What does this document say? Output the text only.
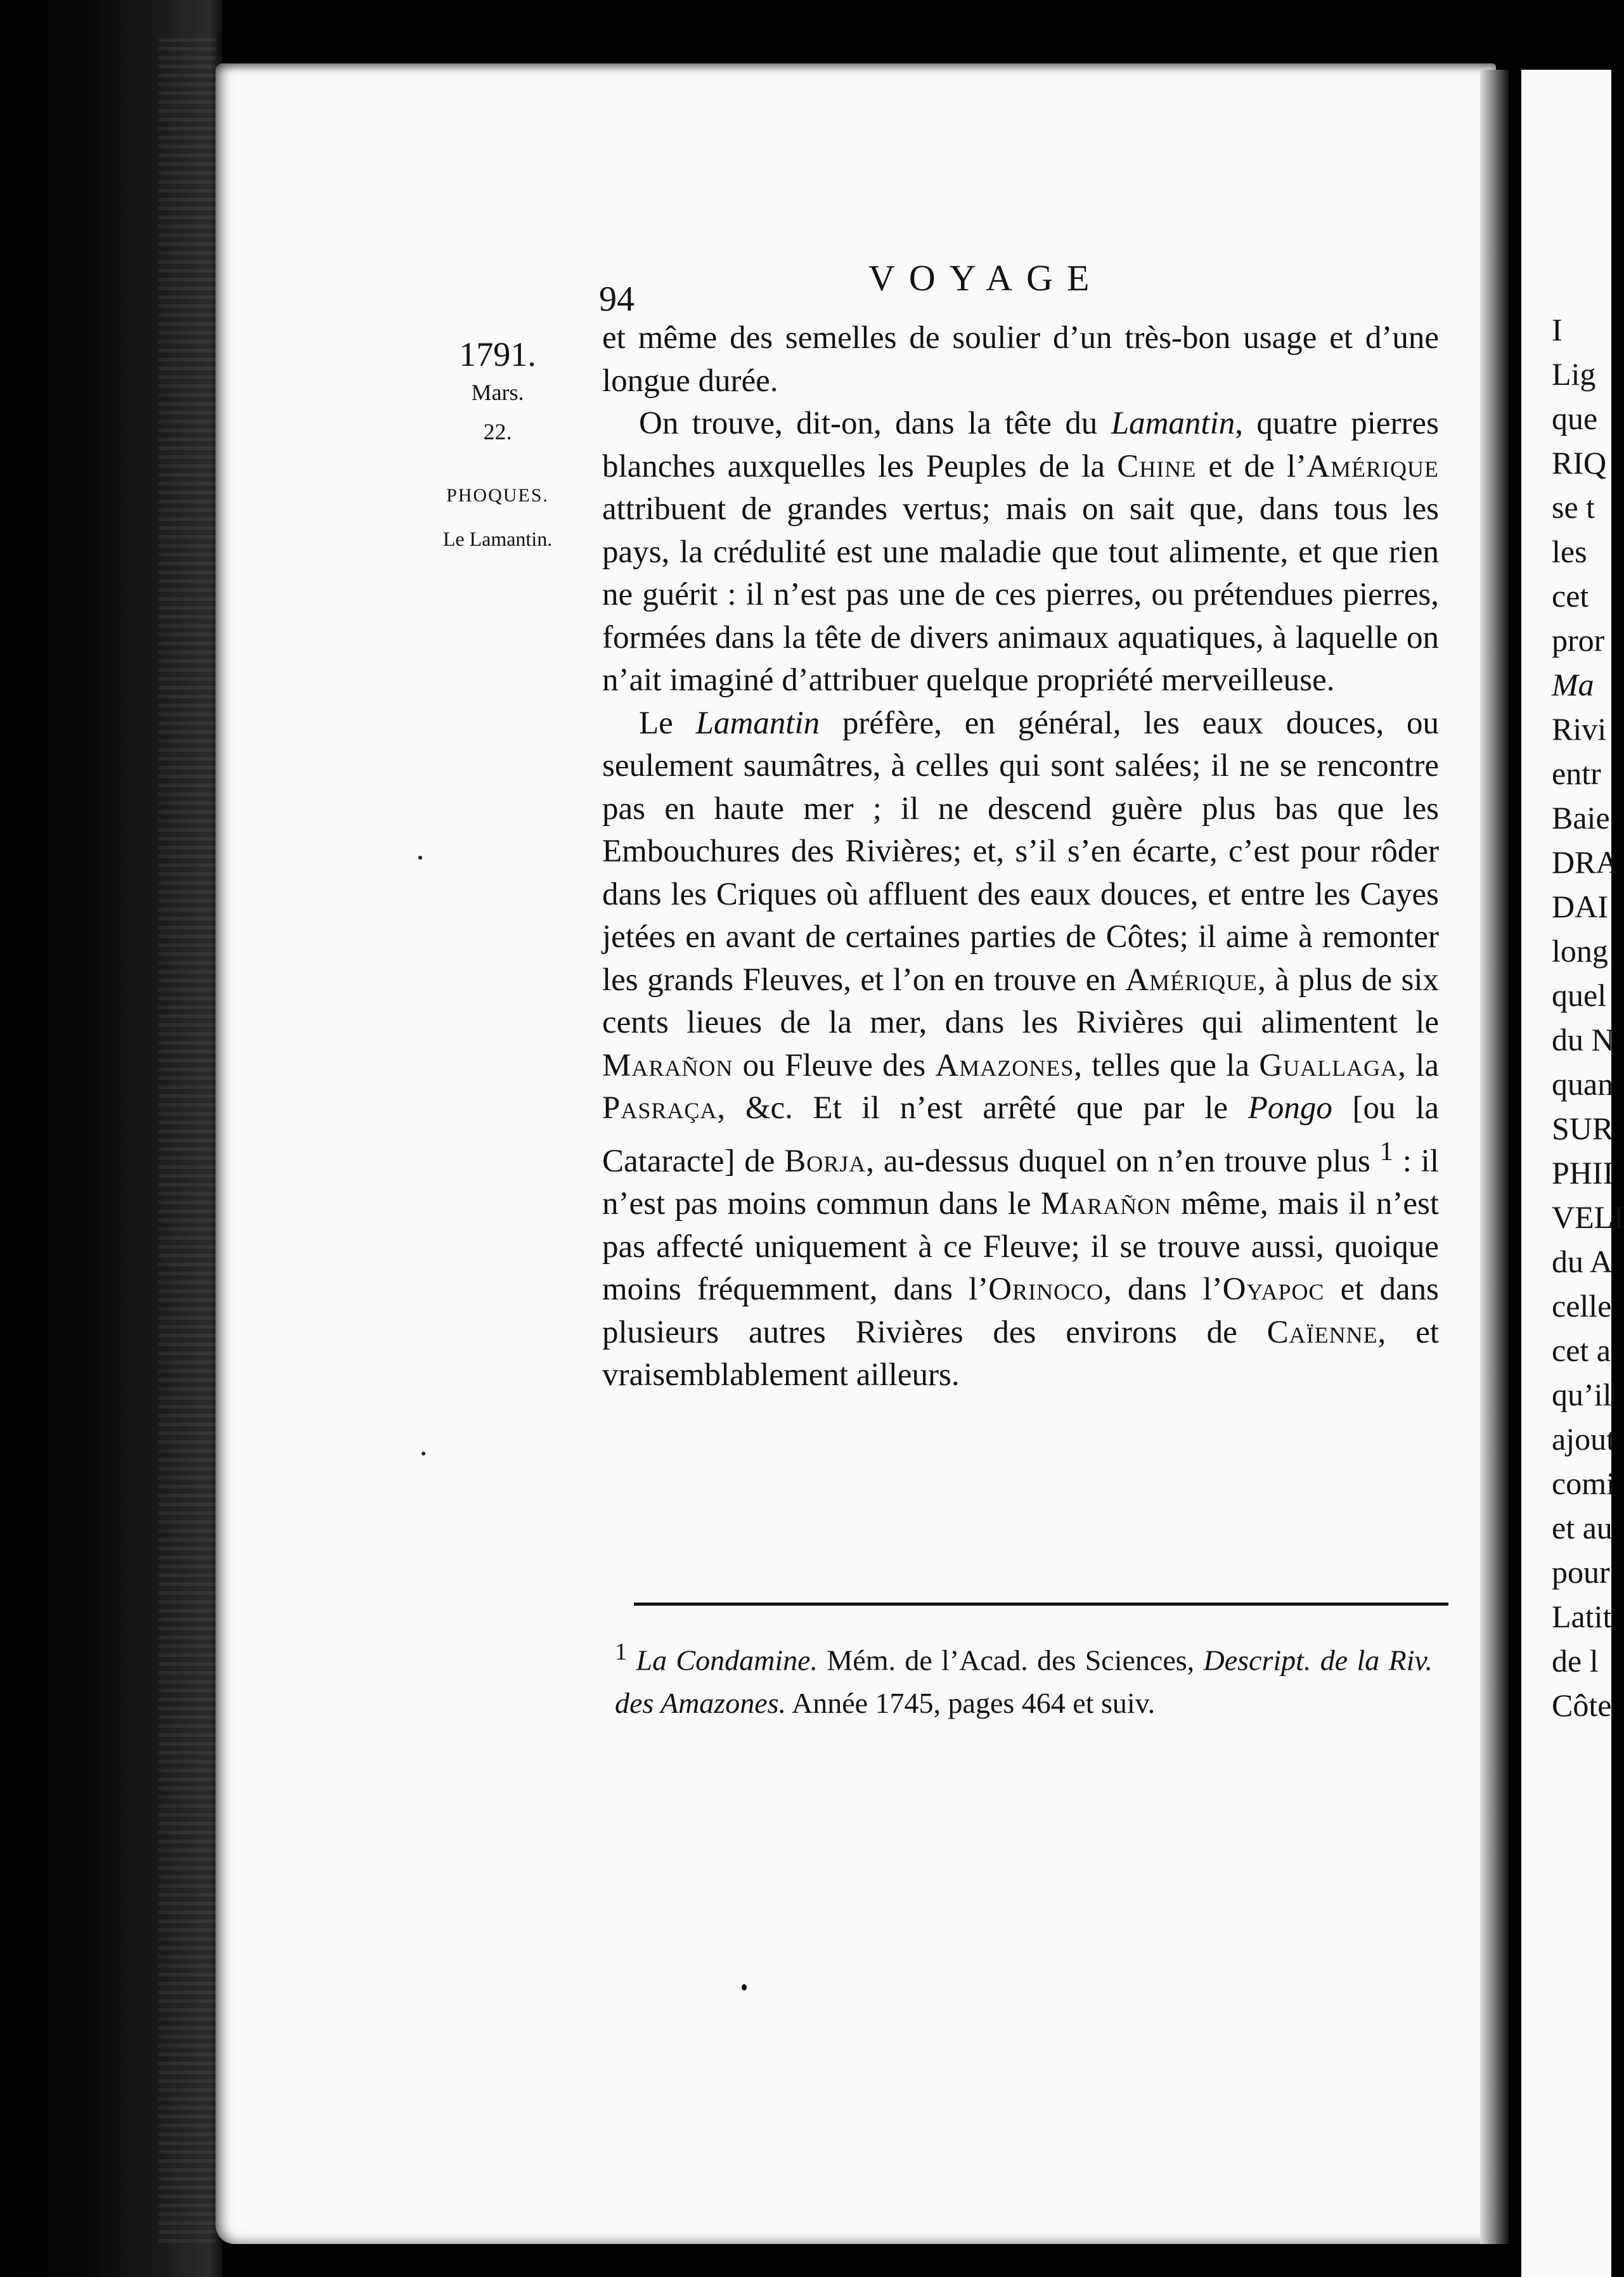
I
Lig
que
RIQ
se t
les
cet
pror
Ma
Rivi
entr
Baie
DRA
DAI
long
quel
du N
quan
SUR
PHII
VELI
du A
celle
cet a
qu’il
ajout
comi
et au
pour
Latit
de l
Côte
94
VOYAGE
1791.
Mars.
22.
PHOQUES.
Le Lamantin.

et même des semelles de soulier d’un très-bon usage et d’une longue durée.

On trouve, dit-on, dans la tête du Lamantin, quatre pierres blanches auxquelles les Peuples de la Chine et de l’Amérique attribuent de grandes vertus; mais on sait que, dans tous les pays, la crédulité est une maladie que tout alimente, et que rien ne guérit : il n’est pas une de ces pierres, ou prétendues pierres, formées dans la tête de divers animaux aquatiques, à laquelle on n’ait imaginé d’attribuer quelque propriété merveilleuse.

Le Lamantin préfère, en général, les eaux douces, ou seulement saumâtres, à celles qui sont salées; il ne se rencontre pas en haute mer ; il ne descend guère plus bas que les Embouchures des Rivières; et, s’il s’en écarte, c’est pour rôder dans les Criques où affluent des eaux douces, et entre les Cayes jetées en avant de certaines parties de Côtes; il aime à remonter les grands Fleuves, et l’on en trouve en Amérique, à plus de six cents lieues de la mer, dans les Rivières qui alimentent le Marañon ou Fleuve des Amazones, telles que la Guallaga, la Pasraça, &c. Et il n’est arrêté que par le Pongo [ou la Cataracte] de Borja, au-dessus duquel on n’en trouve plus $^1$ : il n’est pas moins commun dans le Marañon même, mais il n’est pas affecté uniquement à ce Fleuve; il se trouve aussi, quoique moins fréquemment, dans l’Orinoco, dans l’Oyapoc et dans plusieurs autres Rivières des environs de Caïenne, et vraisemblablement ailleurs.

$^1$ La Condamine. Mém. de l’Acad. des Sciences, Descript. de la Riv. des Amazones. Année 1745, pages 464 et suiv.
